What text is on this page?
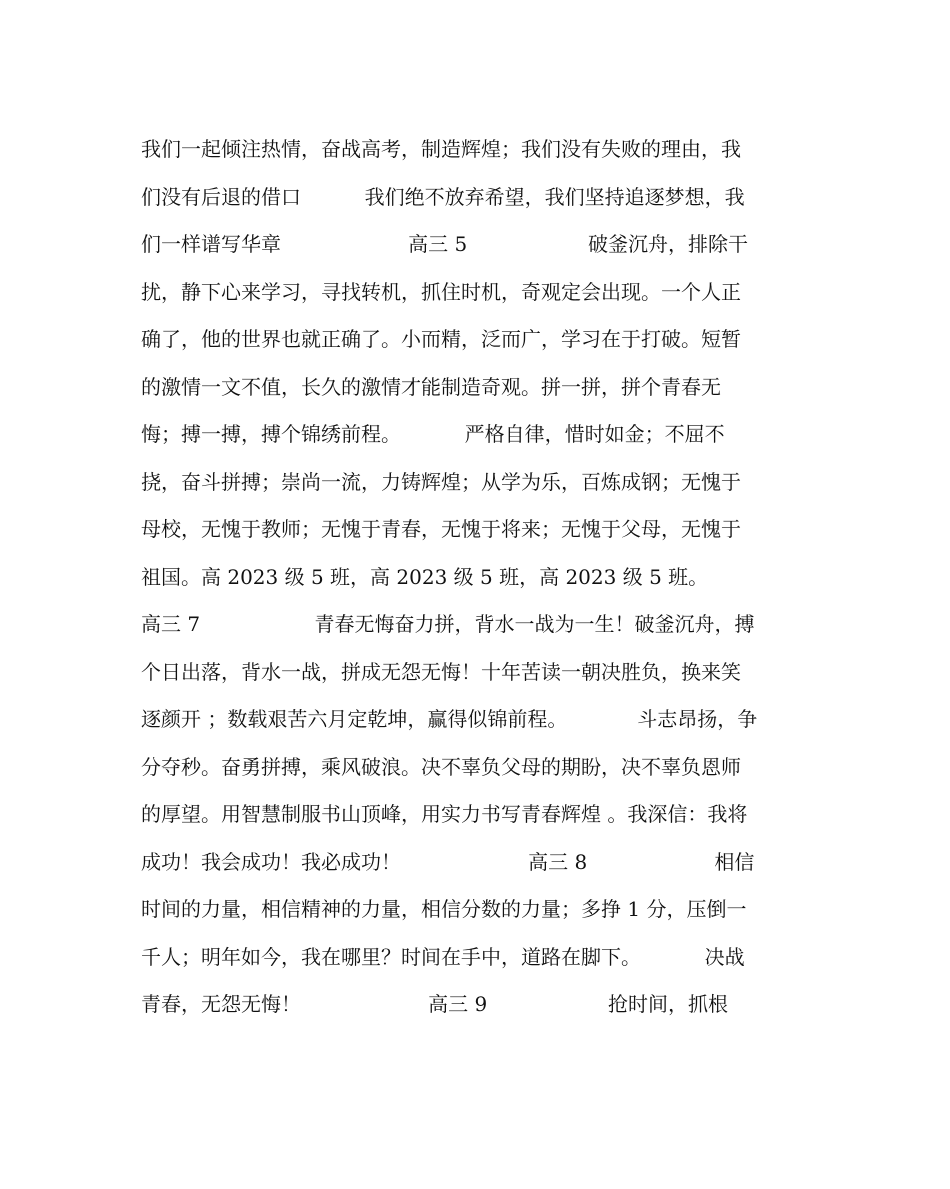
我们一起倾注热情，奋战高考，制造辉煌；我们没有失败的理由，我
们没有后退的借口          我们绝不放弃希望，我们坚持追逐梦想，我
们一样谱写华章                    高三 5                   破釜沉舟，排除干
扰，静下心来学习，寻找转机，抓住时机，奇观定会出现。一个人正
确了，他的世界也就正确了。小而精，泛而广，学习在于打破。短暂
的激情一文不值，长久的激情才能制造奇观。拼一拼，拼个青春无
悔；搏一搏，搏个锦绣前程。          严格自律，惜时如金；不屈不
挠，奋斗拼搏；崇尚一流，力铸辉煌；从学为乐，百炼成钢；无愧于
母校，无愧于教师；无愧于青春，无愧于将来；无愧于父母，无愧于
祖国。高 2023 级 5 班，高 2023 级 5 班，高 2023 级 5 班。
高三 7                  青春无悔奋力拼，背水一战为一生！破釜沉舟，搏
个日出落，背水一战，拼成无怨无悔！十年苦读一朝决胜负，换来笑
逐颜开 ；数载艰苦六月定乾坤，赢得似锦前程。           斗志昂扬，争
分夺秒。奋勇拼搏，乘风破浪。决不辜负父母的期盼，决不辜负恩师
的厚望。用智慧制服书山顶峰，用实力书写青春辉煌 。我深信：我将
成功！我会成功！我必成功！                    高三 8                    相信
时间的力量，相信精神的力量，相信分数的力量；多挣 1 分，压倒一
千人；明年如今，我在哪里？时间在手中，道路在脚下。          决战
青春，无怨无悔！                    高三 9                   抢时间，抓根
